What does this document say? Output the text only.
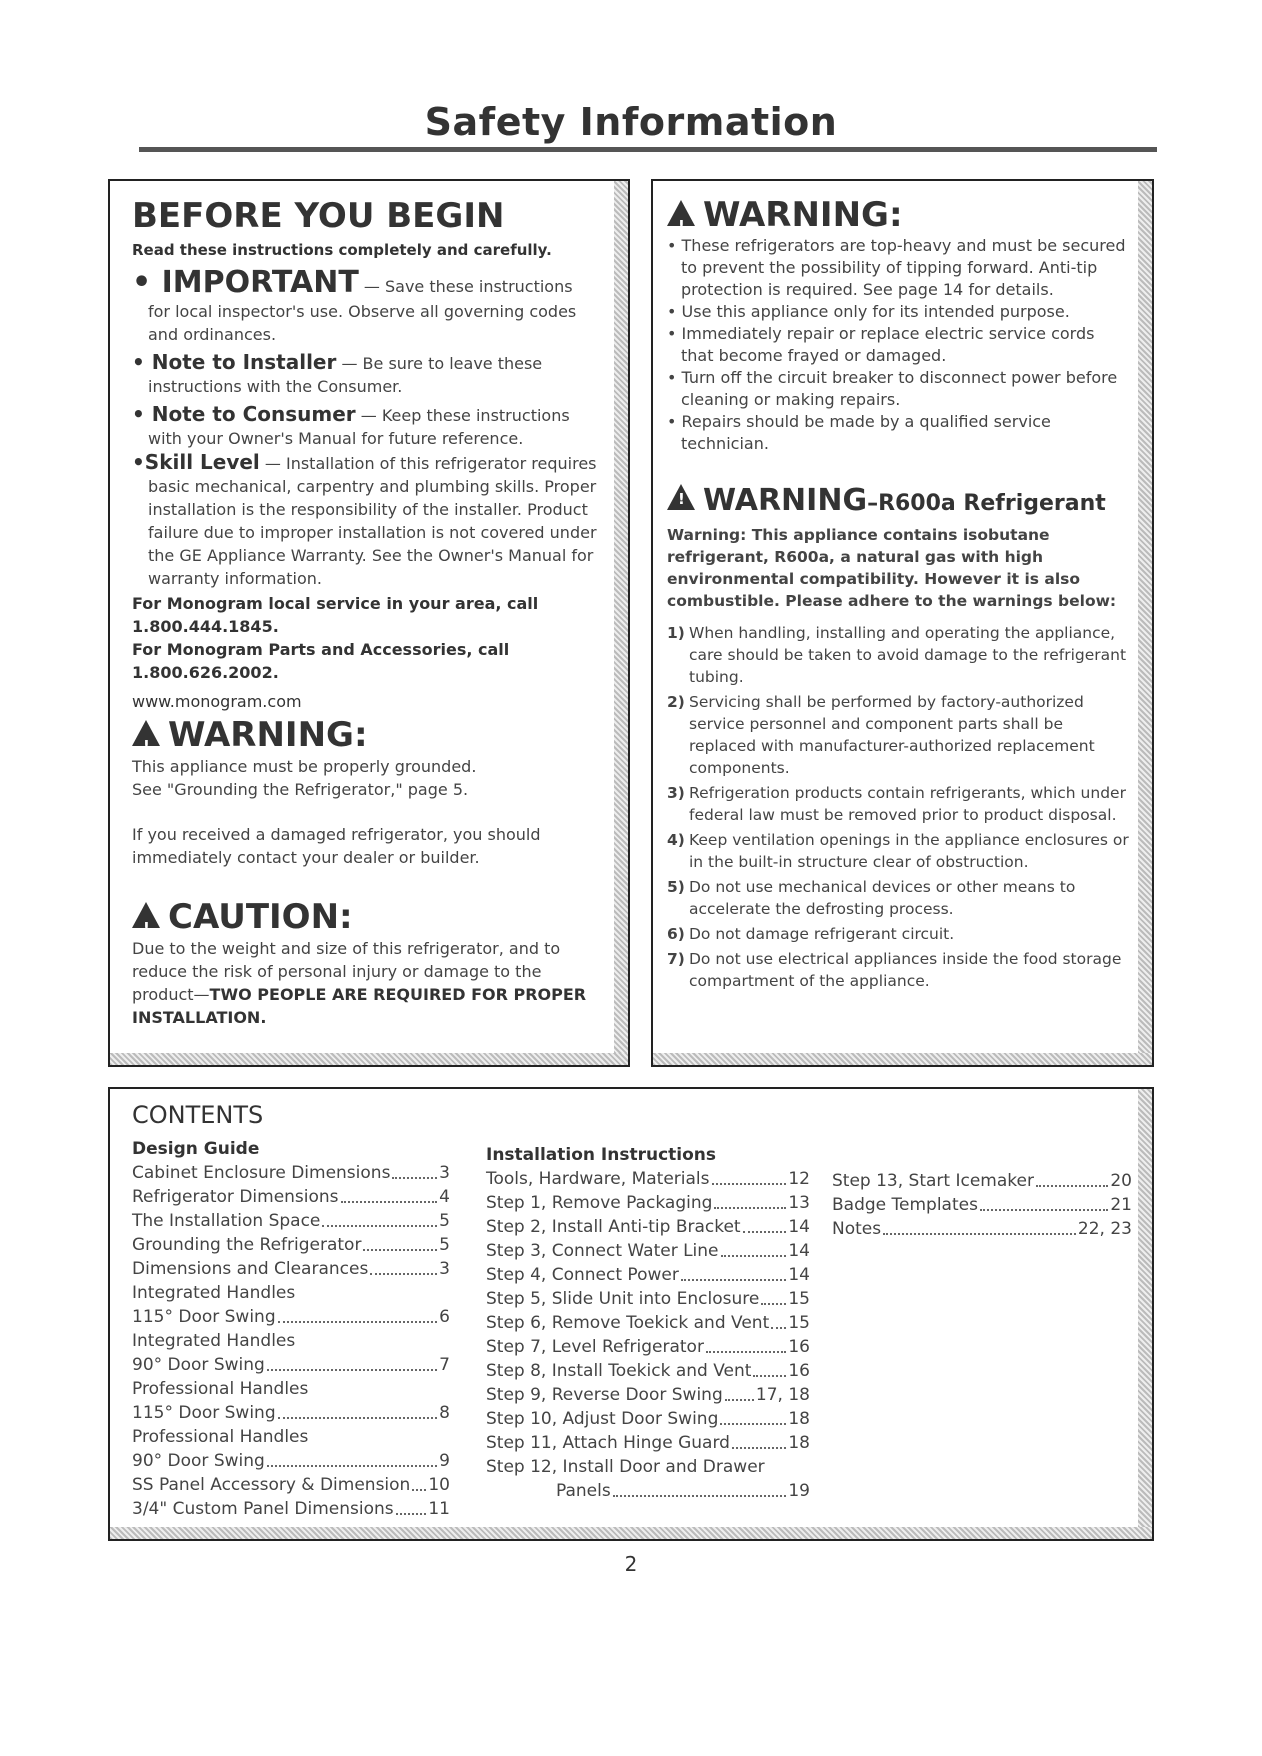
Safety Information
BEFORE YOU BEGIN
Read these instructions completely and carefully.
• IMPORTANT — Save these instructions
for local inspector's use. Observe all governing codes and ordinances.
• Note to Installer — Be sure to leave these
instructions with the Consumer.
• Note to Consumer — Keep these instructions
with your Owner's Manual for future reference.
•Skill Level — Installation of this refrigerator requires
basic mechanical, carpentry and plumbing skills. Proper installation is the responsibility of the installer. Product failure due to improper installation is not covered under the GE Appliance Warranty. See the Owner's Manual for warranty information.
For Monogram local service in your area, call 1.800.444.1845.
For Monogram Parts and Accessories, call 1.800.626.2002.
www.monogram.com
!WARNING:
This appliance must be properly grounded.
See "Grounding the Refrigerator," page 5.
If you received a damaged refrigerator, you should immediately contact your dealer or builder.
!CAUTION:
Due to the weight and size of this refrigerator, and to reduce the risk of personal injury or damage to the product—TWO PEOPLE ARE REQUIRED FOR PROPER INSTALLATION.
!WARNING:
• These refrigerators are top-heavy and must be secured to prevent the possibility of tipping forward. Anti-tip protection is required. See page 14 for details.
• Use this appliance only for its intended purpose.
• Immediately repair or replace electric service cords that become frayed or damaged.
• Turn off the circuit breaker to disconnect power before cleaning or making repairs.
• Repairs should be made by a qualified service technician.
!WARNING–R600a Refrigerant
Warning: This appliance contains isobutane refrigerant, R600a, a natural gas with high environmental compatibility. However it is also combustible. Please adhere to the warnings below:
1) When handling, installing and operating the appliance, care should be taken to avoid damage to the refrigerant tubing.
2) Servicing shall be performed by factory-authorized service personnel and component parts shall be replaced with manufacturer-authorized replacement components.
3) Refrigeration products contain refrigerants, which under federal law must be removed prior to product disposal.
4) Keep ventilation openings in the appliance enclosures or in the built-in structure clear of obstruction.
5) Do not use mechanical devices or other means to accelerate the defrosting process.
6) Do not damage refrigerant circuit.
7) Do not use electrical appliances inside the food storage compartment of the appliance.
CONTENTS
Design Guide
Cabinet Enclosure Dimensions	3
Refrigerator Dimensions	4
The Installation Space	5
Grounding the Refrigerator	5
Dimensions and Clearances	3
Integrated Handles
115° Door Swing	6
Integrated Handles
90° Door Swing	7
Professional Handles
115° Door Swing	8
Professional Handles
90° Door Swing	9
SS Panel Accessory & Dimension 10
3/4" Custom Panel Dimensions 11
Installation Instructions
Tools, Hardware, Materials	12
Step 1, Remove Packaging	13
Step 2, Install Anti-tip Bracket	14
Step 3, Connect Water Line	14
Step 4, Connect Power	14
Step 5, Slide Unit into Enclosure 15
Step 6, Remove Toekick and Vent 15
Step 7, Level Refrigerator	16
Step 8, Install Toekick and Vent 16
Step 9, Reverse Door Swing 17, 18
Step 10, Adjust Door Swing	18
Step 11, Attach Hinge Guard	18
Step 12, Install Door and Drawer
Panels	19
Step 13, Start Icemaker	20
Badge Templates	21
Notes	22, 23
2
